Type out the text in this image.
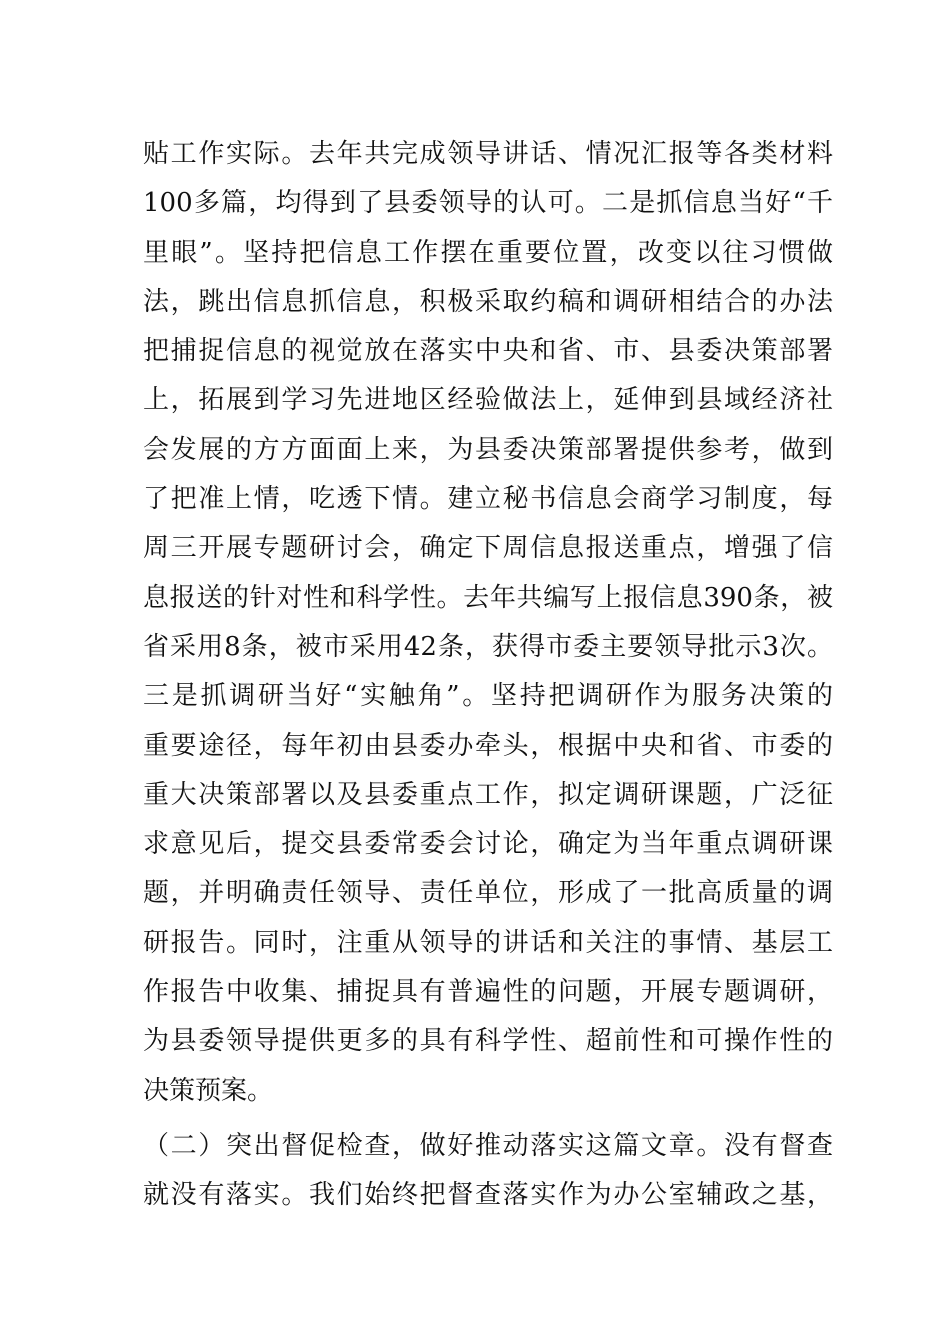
贴工作实际。去年共完成领导讲话、情况汇报等各类材料
100多篇，均得到了县委领导的认可。二是抓信息当好“千
里眼”。坚持把信息工作摆在重要位置，改变以往习惯做
法，跳出信息抓信息，积极采取约稿和调研相结合的办法
把捕捉信息的视觉放在落实中央和省、市、县委决策部署
上，拓展到学习先进地区经验做法上，延伸到县域经济社
会发展的方方面面上来，为县委决策部署提供参考，做到
了把准上情，吃透下情。建立秘书信息会商学习制度，每
周三开展专题研讨会，确定下周信息报送重点，增强了信
息报送的针对性和科学性。去年共编写上报信息390条，被
省采用8条，被市采用42条，获得市委主要领导批示3次。
三是抓调研当好“实触角”。坚持把调研作为服务决策的
重要途径，每年初由县委办牵头，根据中央和省、市委的
重大决策部署以及县委重点工作，拟定调研课题，广泛征
求意见后，提交县委常委会讨论，确定为当年重点调研课
题，并明确责任领导、责任单位，形成了一批高质量的调
研报告。同时，注重从领导的讲话和关注的事情、基层工
作报告中收集、捕捉具有普遍性的问题，开展专题调研，
为县委领导提供更多的具有科学性、超前性和可操作性的
决策预案。
（二）突出督促检查，做好推动落实这篇文章。没有督查
就没有落实。我们始终把督查落实作为办公室辅政之基，
